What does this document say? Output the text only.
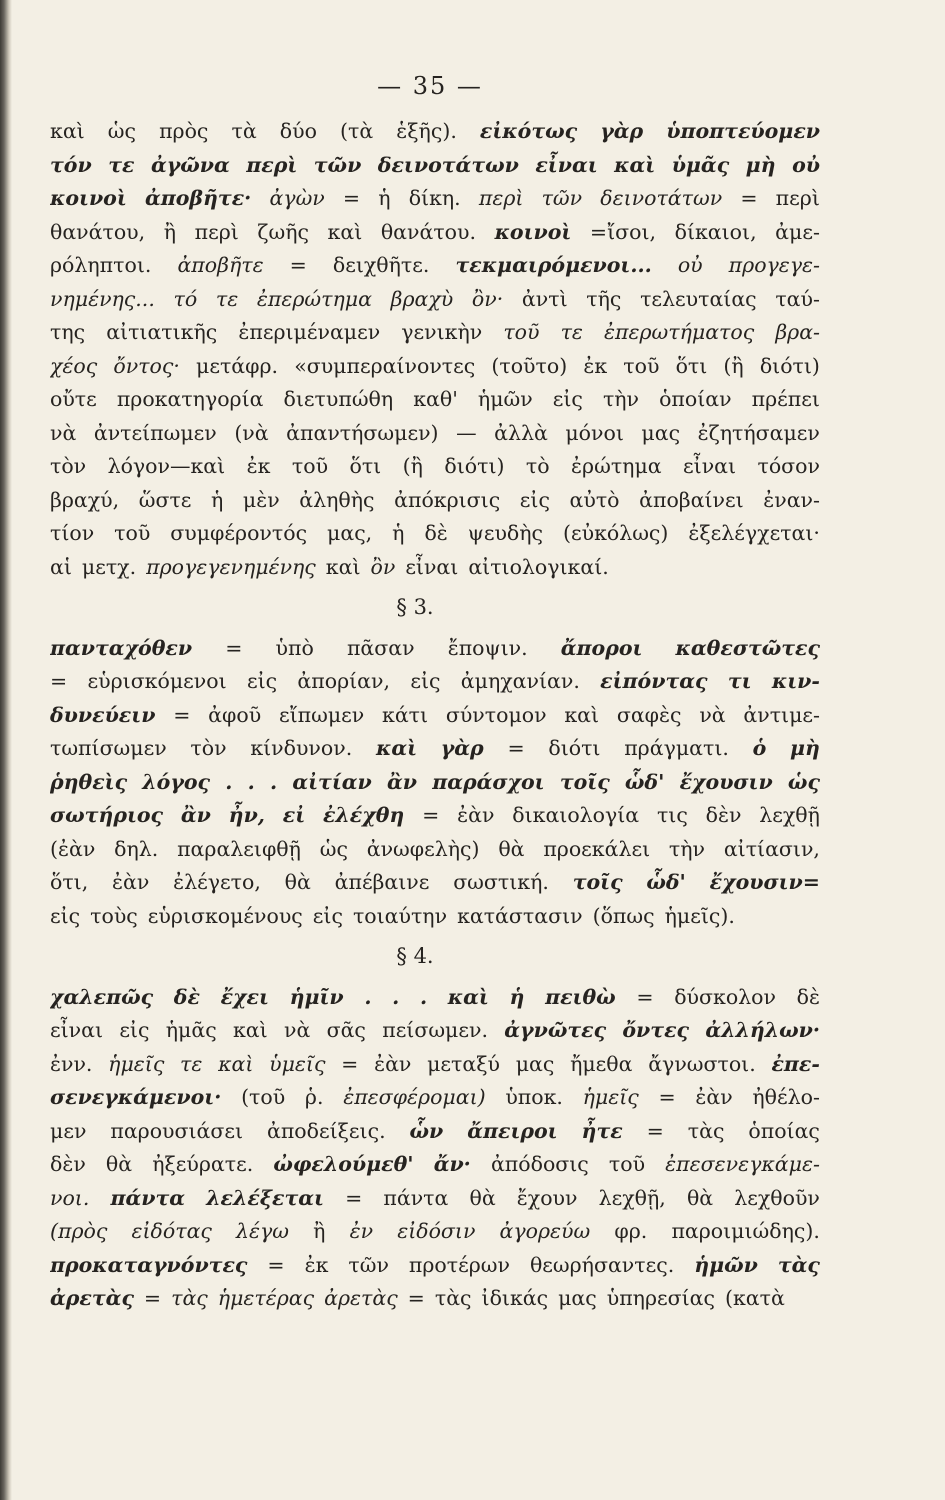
— 35 —
καὶ ὡς πρὸς τὰ δύο (τὰ ἑξῆς). εἰκότως γὰρ ὑποπτεύομεν
τόν τε ἀγῶνα περὶ τῶν δεινοτάτων εἶναι καὶ ὑμᾶς μὴ οὐ
κοινοὶ ἀποβῆτε· ἀγὼν = ἡ δίκη. περὶ τῶν δεινοτάτων = περὶ
θανάτου, ἢ περὶ ζωῆς καὶ θανάτου. κοινοὶ =ἴσοι, δίκαιοι, ἀμε-
ρόληπτοι. ἀποβῆτε = δειχθῆτε. τεκμαιρόμενοι... οὐ προγεγε-
νημένης... τό τε ἐπερώτημα βραχὺ ὂν· ἀντὶ τῆς τελευταίας ταύ-
της αἰτιατικῆς ἐπεριμέναμεν γενικὴν τοῦ τε ἐπερωτήματος βρα-
χέος ὄντος· μετάφρ. «συμπεραίνοντες (τοῦτο) ἐκ τοῦ ὅτι (ἢ διότι)
οὔτε προκατηγορία διετυπώθη καθ' ἡμῶν εἰς τὴν ὁποίαν πρέπει
νὰ ἀντείπωμεν (νὰ ἀπαντήσωμεν) — ἀλλὰ μόνοι μας ἐζητήσαμεν
τὸν λόγον—καὶ ἐκ τοῦ ὅτι (ἢ διότι) τὸ ἐρώτημα εἶναι τόσον
βραχύ, ὥστε ἡ μὲν ἀληθὴς ἀπόκρισις εἰς αὐτὸ ἀποβαίνει ἐναν-
τίον τοῦ συμφέροντός μας, ἡ δὲ ψευδὴς (εὐκόλως) ἐξελέγχεται·
αἱ μετχ. προγεγενημένης καὶ ὂν εἶναι αἰτιολογικαί.
§ 3.
πανταχόθεν = ὑπὸ πᾶσαν ἔποψιν. ἄποροι καθεστῶτες
= εὑρισκόμενοι εἰς ἀπορίαν, εἰς ἀμηχανίαν. εἰπόντας τι κιν-
δυνεύειν = ἀφοῦ εἴπωμεν κάτι σύντομον καὶ σαφὲς νὰ ἀντιμε-
τωπίσωμεν τὸν κίνδυνον. καὶ γὰρ = διότι πράγματι. ὁ μὴ
ῥηθεὶς λόγος . . . αἰτίαν ἂν παράσχοι τοῖς ὧδ' ἔχουσιν ὡς
σωτήριος ἂν ἦν, εἰ ἐλέχθη = ἐὰν δικαιολογία τις δὲν λεχθῇ
(ἐὰν δηλ. παραλειφθῇ ὡς ἀνωφελὴς) θὰ προεκάλει τὴν αἰτίασιν,
ὅτι, ἐὰν ἐλέγετο, θὰ ἀπέβαινε σωστική. τοῖς ὧδ' ἔχουσιν=
εἰς τοὺς εὑρισκομένους εἰς τοιαύτην κατάστασιν (ὅπως ἡμεῖς).
§ 4.
χαλεπῶς δὲ ἔχει ἡμῖν . . . καὶ ἡ πειθὼ = δύσκολον δὲ
εἶναι εἰς ἡμᾶς καὶ νὰ σᾶς πείσωμεν. ἀγνῶτες ὄντες ἀλλήλων·
ἐνν. ἡμεῖς τε καὶ ὑμεῖς = ἐὰν μεταξύ μας ἤμεθα ἄγνωστοι. ἐπε-
σενεγκάμενοι· (τοῦ ῥ. ἐπεσφέρομαι) ὑποκ. ἡμεῖς = ἐὰν ἠθέλο-
μεν παρουσιάσει ἀποδείξεις. ὧν ἄπειροι ἦτε = τὰς ὁποίας
δὲν θὰ ἠξεύρατε. ὠφελούμεθ' ἄν· ἀπόδοσις τοῦ ἐπεσενεγκάμε-
νοι. πάντα λελέξεται = πάντα θὰ ἔχουν λεχθῇ, θὰ λεχθοῦν
(πρὸς εἰδότας λέγω ἢ ἐν εἰδόσιν ἀγορεύω φρ. παροιμιώδης).
προκαταγνόντες = ἐκ τῶν προτέρων θεωρήσαντες. ἡμῶν τὰς
ἀρετὰς = τὰς ἡμετέρας ἀρετὰς = τὰς ἰδικάς μας ὑπηρεσίας (κατὰ
